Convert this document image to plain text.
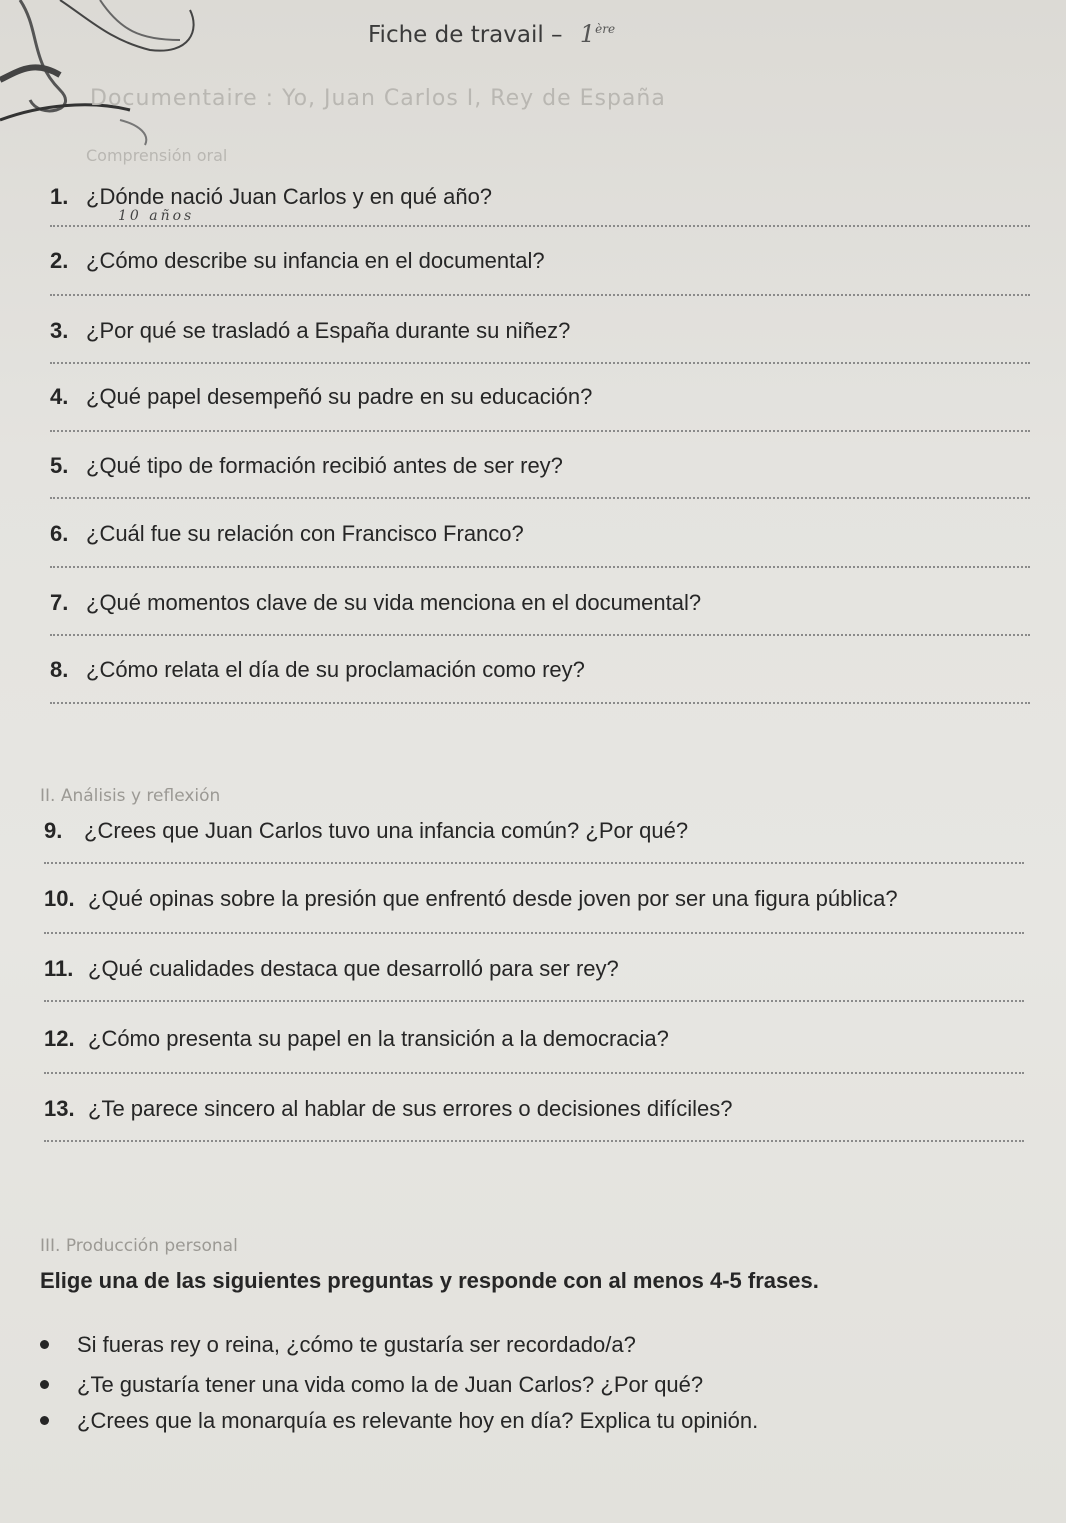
Fiche de travail – 1ère
Documentaire : Yo, Juan Carlos I, Rey de España
Comprensión oral
1. ¿Dónde nació Juan Carlos y en qué año?
10 años
2. ¿Cómo describe su infancia en el documental?
3. ¿Por qué se trasladó a España durante su niñez?
4. ¿Qué papel desempeñó su padre en su educación?
5. ¿Qué tipo de formación recibió antes de ser rey?
6. ¿Cuál fue su relación con Francisco Franco?
7. ¿Qué momentos clave de su vida menciona en el documental?
8. ¿Cómo relata el día de su proclamación como rey?
II. Análisis y reflexión
9. ¿Crees que Juan Carlos tuvo una infancia común? ¿Por qué?
10. ¿Qué opinas sobre la presión que enfrentó desde joven por ser una figura pública?
11. ¿Qué cualidades destaca que desarrolló para ser rey?
12. ¿Cómo presenta su papel en la transición a la democracia?
13. ¿Te parece sincero al hablar de sus errores o decisiones difíciles?
III. Producción personal
Elige una de las siguientes preguntas y responde con al menos 4-5 frases.
Si fueras rey o reina, ¿cómo te gustaría ser recordado/a?
¿Te gustaría tener una vida como la de Juan Carlos? ¿Por qué?
¿Crees que la monarquía es relevante hoy en día? Explica tu opinión.
